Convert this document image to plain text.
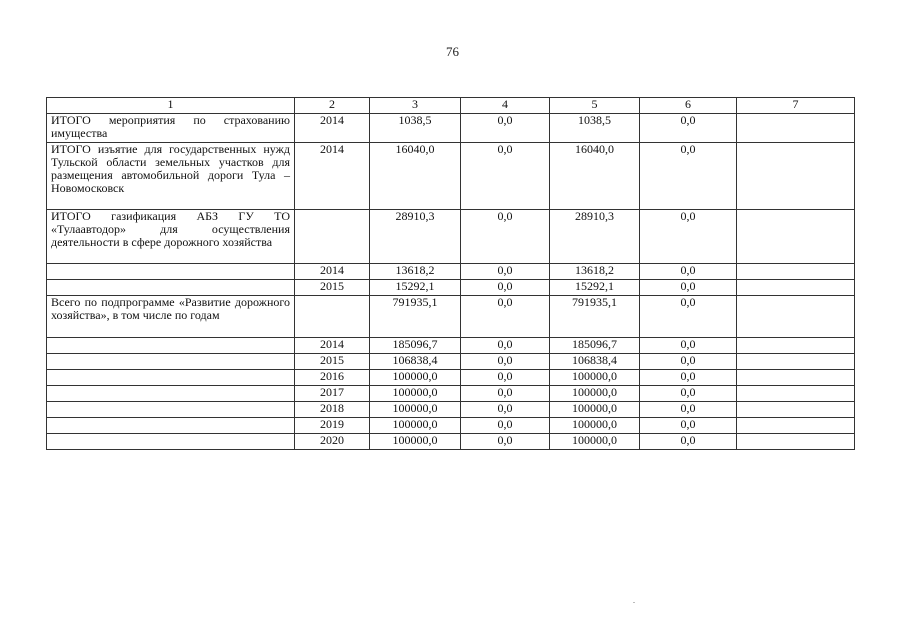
76
1	2	3	4	5	6	7
ИТОГО мероприятия по страхованию имущества	2014	1038,5	0,0	1038,5	0,0	
ИТОГО изъятие для государственных нужд Тульской области земельных участков для размещения автомобильной дороги Тула – Новомосковск	2014	16040,0	0,0	16040,0	0,0	
ИТОГО газификация АБЗ ГУ ТО «Тулаавтодор» для осуществления деятельности в сфере дорожного хозяйства		28910,3	0,0	28910,3	0,0	
	2014	13618,2	0,0	13618,2	0,0	
	2015	15292,1	0,0	15292,1	0,0	
Всего по подпрограмме «Развитие дорожного хозяйства», в том числе по годам		791935,1	0,0	791935,1	0,0	
	2014	185096,7	0,0	185096,7	0,0	
	2015	106838,4	0,0	106838,4	0,0	
	2016	100000,0	0,0	100000,0	0,0	
	2017	100000,0	0,0	100000,0	0,0	
	2018	100000,0	0,0	100000,0	0,0	
	2019	100000,0	0,0	100000,0	0,0	
	2020	100000,0	0,0	100000,0	0,0	
